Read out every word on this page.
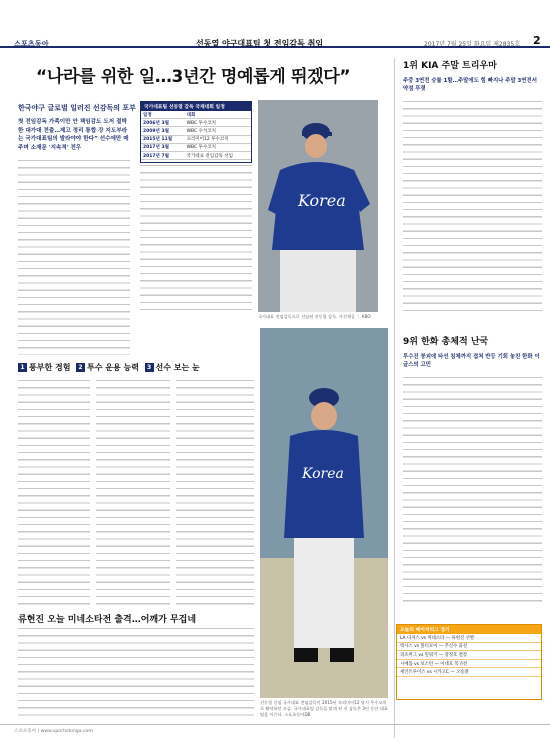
스포츠동아	선동열 야구대표팀 첫 전임감독 취임	2017년 7월 25일 화요일 제2835호 2
“나라를 위한 일…3년간 명예롭게 뛰겠다”
한국야구 글로벌 일러진 선감독의 포부
첫 전임감독 가족이만 안 책임감도 도저 절박한 대가대 전출…제고 정리 통합 강 지도부라는 국가대표팀의 발라야야 한다” 선수에만 매주며 소재문 '지속적' 전우
국가대표팀 선동열 감독 국제대회 일정
일정	대회
2006년 3월	WBC 투수코치
2009년 3월	WBC 수석코치
2015년 11월	프리미어12 투수코치
2017년 3월	WBC 투수코치
2017년 7월	국가대표 전임감독 선임
Korea
국가대표 전임감독으로 선임된 선동열 감독. 사진제공 ｜ KBO
1 풍부한 경험 2 투수 운용 능력 3 선수 보는 눈
Korea
선동열 신임 국가대표 전임감독이 2015년 프리미어12 당시 투수코치로 활약하던 모습. 국가대표팀 감독을 맡게 된 선 감독은 3년 동안 대표팀을 이끈다. 스포츠동아DB
류현진 오늘 미네소타전 출격…어깨가 무겁네
1위 KIA 주말 트리우마
주중 3연전 승률 1할…주말에도 힘 빠지나 주말 3연전서 약점 뚜렷
9위 한화 총체적 난국
투수진 붕괴에 타선 침체까지 겹쳐 반등 기회 놓친 한화 이글스의 고민
오늘의 메이저리그 경기
LA 다저스 vs 미네소타 — 류현진 선발
텍사스 vs 볼티모어 — 추신수 출전
피츠버그 vs 밀워키 — 강정호 결장
시애틀 vs 보스턴 — 이대호 복귀전
세인트루이스 vs 시카고C — 오승환
스포츠동아 | www.sportsdonga.com
